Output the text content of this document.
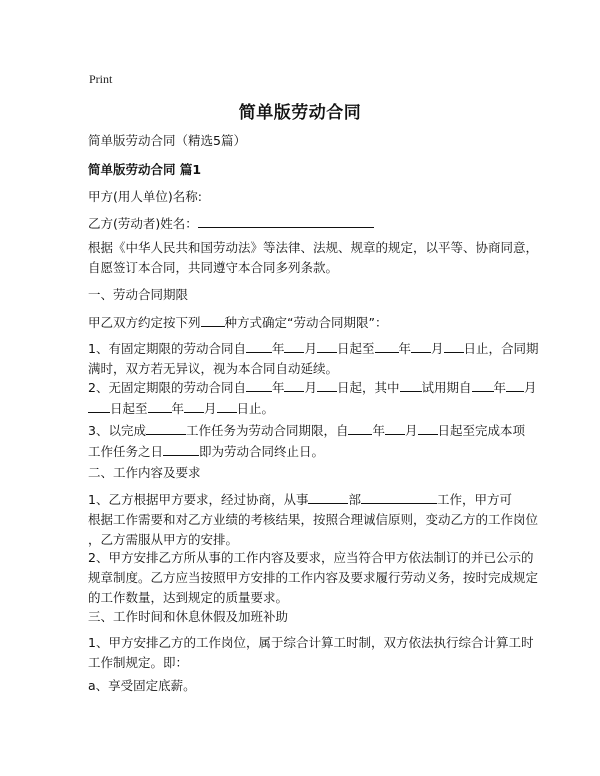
Print
简单版劳动合同
简单版劳动合同（精选5篇）
简单版劳动合同 篇1
甲方(用人单位)名称:
乙方(劳动者)姓名：
根据《中华人民共和国劳动法》等法律、法规、规章的规定，以平等、协商同意，
自愿签订本合同，共同遵守本合同多列条款。
一、劳动合同期限
甲乙双方约定按下列 种方式确定“劳动合同期限”：
1、有固定期限的劳动合同自 年 月 日起至 年 月 日止，合同期
满时，双方若无异议，视为本合同自动延续。
2、无固定期限的劳动合同自 年 月 日起，其中 试用期自 年 月
日起至 年 月 日止。
3、以完成	工作任务为劳动合同期限，自 年 月 日起至完成本项
工作任务之日	即为劳动合同终止日。
二、工作内容及要求
1、乙方根据甲方要求，经过协商，从事	部	工作，甲方可
根据工作需要和对乙方业绩的考核结果，按照合理诚信原则，变动乙方的工作岗位
，乙方需服从甲方的安排。
2、甲方安排乙方所从事的工作内容及要求，应当符合甲方依法制订的并已公示的
规章制度。乙方应当按照甲方安排的工作内容及要求履行劳动义务，按时完成规定
的工作数量，达到规定的质量要求。
三、工作时间和休息休假及加班补助
1、甲方安排乙方的工作岗位，属于综合计算工时制，双方依法执行综合计算工时
工作制规定。即：
a、享受固定底薪。
